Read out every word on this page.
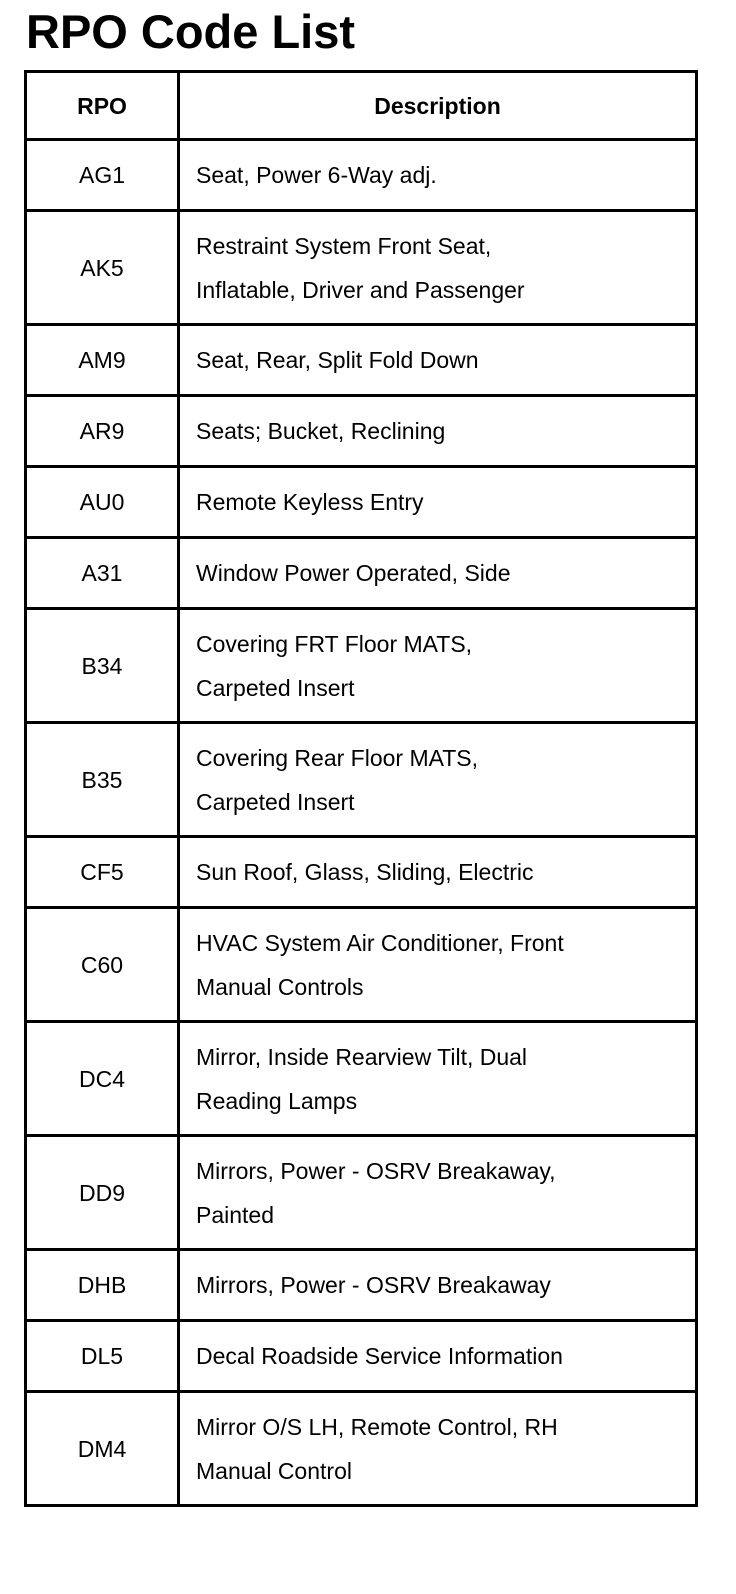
RPO Code List
RPO	Description
AG1	Seat, Power 6-Way adj.

AK5	Restraint System Front Seat,
Inflatable, Driver and Passenger

AM9	Seat, Rear, Split Fold Down

AR9	Seats; Bucket, Reclining

AU0	Remote Keyless Entry

A31	Window Power Operated, Side

B34	Covering FRT Floor MATS,
Carpeted Insert

B35	Covering Rear Floor MATS,
Carpeted Insert

CF5	Sun Roof, Glass, Sliding, Electric

C60	HVAC System Air Conditioner, Front
Manual Controls

DC4	Mirror, Inside Rearview Tilt, Dual
Reading Lamps

DD9	Mirrors, Power - OSRV Breakaway,
Painted

DHB	Mirrors, Power - OSRV Breakaway

DL5	Decal Roadside Service Information

DM4	Mirror O/S LH, Remote Control, RH
Manual Control
